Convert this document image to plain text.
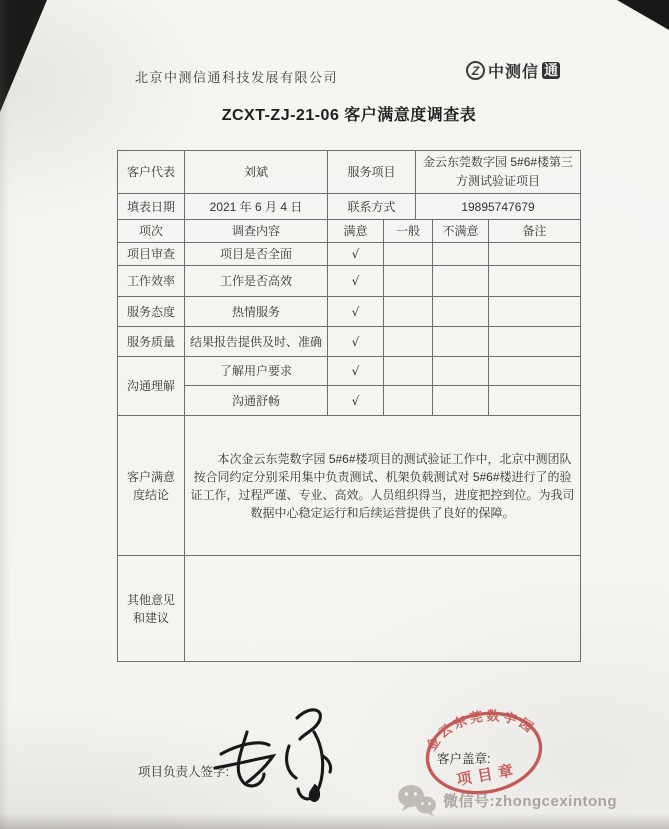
北京中测信通科技发展有限公司	Z 中测信 通
ZCXT-ZJ-21-06 客户满意度调查表
客户代表	刘斌	服务项目		金云东莞数字园 5#6#楼第三方测试验证项目		
填表日期	2021 年 6 月 4 日	联系方式		19895747679		
项次	调查内容	满意	一般		不满意	备注
项目审查	项目是否全面	√				
工作效率	工作是否高效	√				
服务态度	热情服务	√				
服务质量	结果报告提供及时、准确	√				
沟通理解	了解用户要求	√				
	沟通舒畅	√				
客户满意度结论	本次金云东莞数字园 5#6#楼项目的测试验证工作中，北京中测团队按合同约定分别采用集中负责测试、机架负载测试对 5#6#楼进行了的验证工作，过程严谨、专业、高效。人员组织得当，进度把控到位。为我司数据中心稳定运行和后续运营提供了良好的保障。					
其他意见和建议						
项目负责人签字:
金云东莞数字园
项目章
客户盖章:
微信号:zhongcexintong
